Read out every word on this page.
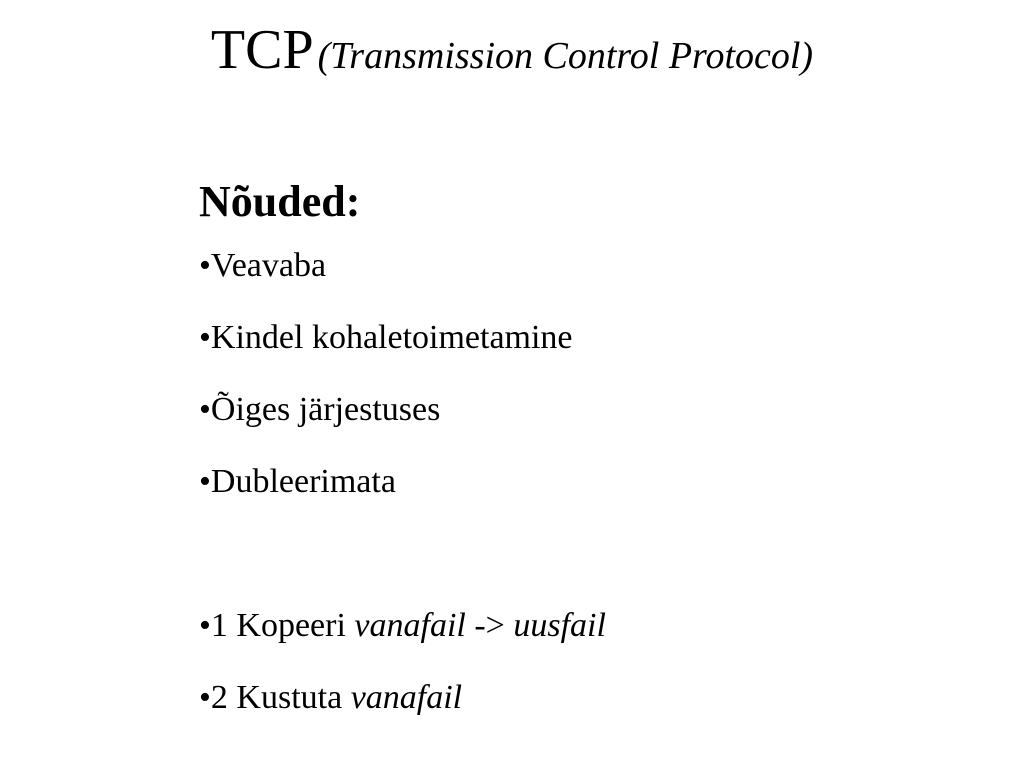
TCP (Transmission Control Protocol)
Nõuded:
•Veavaba
•Kindel kohaletoimetamine
•Õiges järjestuses
•Dubleerimata
•1 Kopeeri vanafail -> uusfail
•2 Kustuta vanafail
